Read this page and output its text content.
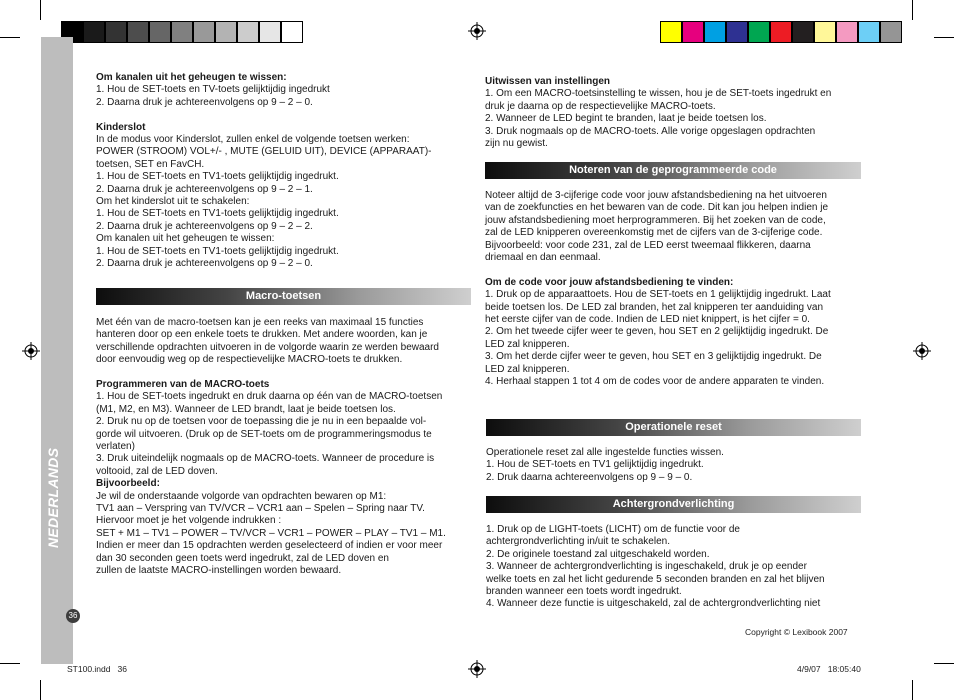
NEDERLANDS
36

Om kanalen uit het geheugen te wissen:

1. Hou de SET-toets en TV-toets gelijktijdig ingedrukt

2. Daarna druk je achtereenvolgens op 9 – 2 – 0.

Kinderslot

In de modus voor Kinderslot, zullen enkel de volgende toetsen werken:

POWER (STROOM) VOL+/- , MUTE (GELUID UIT), DEVICE (APPARAAT)-

toetsen, SET en FavCH.

1. Hou de SET-toets en TV1-toets gelijktijdig ingedrukt.

2. Daarna druk je achtereenvolgens op 9 – 2 – 1.

Om het kinderslot uit te schakelen:

1. Hou de SET-toets en TV1-toets gelijktijdig ingedrukt.

2. Daarna druk je achtereenvolgens op 9 – 2 – 2.

Om kanalen uit het geheugen te wissen:

1. Hou de SET-toets en TV1-toets gelijktijdig ingedrukt.

2. Daarna druk je achtereenvolgens op 9 – 2 – 0.

Macro-toetsen

Met één van de macro-toetsen kan je een reeks van maximaal 15 functies

hanteren door op een enkele toets te drukken. Met andere woorden, kan je

verschillende opdrachten uitvoeren in de volgorde waarin ze werden bewaard

door eenvoudig weg op de respectievelijke MACRO-toets te drukken.

Programmeren van de MACRO-toets

1. Hou de SET-toets ingedrukt en druk daarna op één van de MACRO-toetsen

(M1, M2, en M3). Wanneer de LED brandt, laat je beide toetsen los.

2. Druk nu op de toetsen voor de toepassing die je nu in een bepaalde vol-

gorde wil uitvoeren. (Druk op de SET-toets om de programmeringsmodus te

verlaten)

3. Druk uiteindelijk nogmaals op de MACRO-toets. Wanneer de procedure is

voltooid, zal de LED doven.

Bijvoorbeeld:

Je wil de onderstaande volgorde van opdrachten bewaren op M1:

TV1 aan – Verspring van TV/VCR – VCR1 aan – Spelen – Spring naar TV.

Hiervoor moet je het volgende indrukken :

SET + M1 – TV1 – POWER – TV/VCR – VCR1 – POWER – PLAY – TV1 – M1.

Indien er meer dan 15 opdrachten werden geselecteerd of indien er voor meer

dan 30 seconden geen toets werd ingedrukt, zal de LED doven en

zullen de laatste MACRO-instellingen worden bewaard.

Uitwissen van instellingen

1. Om een MACRO-toetsinstelling te wissen, hou je de SET-toets ingedrukt en

druk je daarna op de respectievelijke MACRO-toets.

2. Wanneer de LED begint te branden, laat je beide toetsen los.

3. Druk nogmaals op de MACRO-toets. Alle vorige opgeslagen opdrachten

zijn nu gewist.

Noteren van de geprogrammeerde code

Noteer altijd de 3-cijferige code voor jouw afstandsbediening na het uitvoeren

van de zoekfuncties en het bewaren van de code. Dit kan jou helpen indien je

jouw afstandsbediening moet herprogrammeren. Bij het zoeken van de code,

zal de LED knipperen overeenkomstig met de cijfers van de 3-cijferige code.

Bijvoorbeeld: voor code 231, zal de LED eerst tweemaal flikkeren, daarna

driemaal en dan eenmaal.

Om de code voor jouw afstandsbediening te vinden:

1. Druk op de apparaattoets. Hou de SET-toets en 1 gelijktijdig ingedrukt. Laat

beide toetsen los. De LED zal branden, het zal knipperen ter aanduiding van

het eerste cijfer van de code. Indien de LED niet knippert, is het cijfer = 0.

2. Om het tweede cijfer weer te geven, hou SET en 2 gelijktijdig ingedrukt. De

LED zal knipperen.

3. Om het derde cijfer weer te geven, hou SET en 3 gelijktijdig ingedrukt. De

LED zal knipperen.

4. Herhaal stappen 1 tot 4 om de codes voor de andere apparaten te vinden.

Operationele reset

Operationele reset zal alle ingestelde functies wissen.

1. Hou de SET-toets en TV1 gelijktijdig ingedrukt.

2. Druk daarna achtereenvolgens op 9 – 9 – 0.

Achtergrondverlichting

1. Druk op de LIGHT-toets (LICHT) om de functie voor de

achtergrondverlichting in/uit te schakelen.

2. De originele toestand zal uitgeschakeld worden.

3. Wanneer de achtergrondverlichting is ingeschakeld, druk je op eender

welke toets en zal het licht gedurende 5 seconden branden en zal het blijven

branden wanneer een toets wordt ingedrukt.

4. Wanneer deze functie is uitgeschakeld, zal de achtergrondverlichting niet

Copyright © Lexibook 2007
ST100.indd   36	4/9/07   18:05:40
